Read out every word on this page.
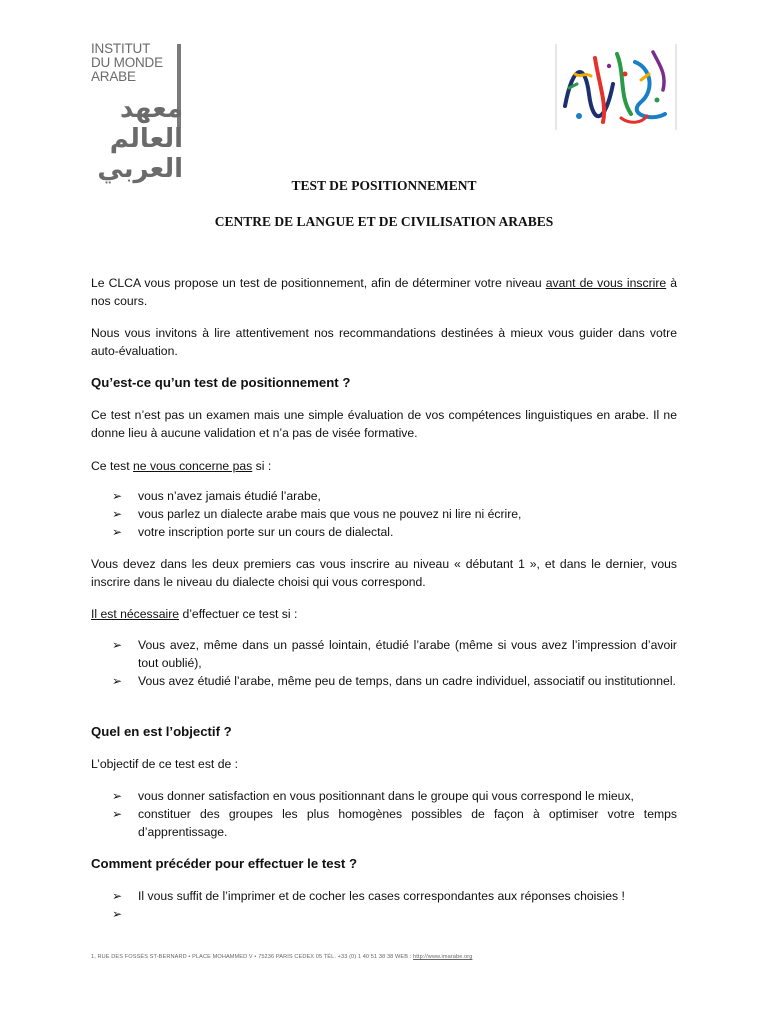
INSTITUT
DU MONDE
ARABE
معهد العالم العربي
TEST DE POSITIONNEMENT
CENTRE DE LANGUE ET DE CIVILISATION ARABES
Le CLCA vous propose un test de positionnement, afin de déterminer votre niveau avant de vous inscrire à nos cours.
Nous vous invitons à lire attentivement nos recommandations destinées à mieux vous guider dans votre auto-évaluation.
Qu’est-ce qu’un test de positionnement ?
Ce test n’est pas un examen mais une simple évaluation de vos compétences linguistiques en arabe. Il ne donne lieu à aucune validation et n’a pas de visée formative.
Ce test ne vous concerne pas si :
➢ vous n’avez jamais étudié l’arabe,
➢ vous parlez un dialecte arabe mais que vous ne pouvez ni lire ni écrire,
➢ votre inscription porte sur un cours de dialectal.
Vous devez dans les deux premiers cas vous inscrire au niveau « débutant 1 », et dans le dernier, vous inscrire dans le niveau du dialecte choisi qui vous correspond.
Il est nécessaire d’effectuer ce test si :
➢ Vous avez, même dans un passé lointain, étudié l’arabe (même si vous avez l’impression d’avoir tout oublié),
➢ Vous avez étudié l’arabe, même peu de temps, dans un cadre individuel, associatif ou institutionnel.
Quel en est l’objectif ?
L’objectif de ce test est de :
➢ vous donner satisfaction en vous positionnant dans le groupe qui vous correspond le mieux,
➢ constituer des groupes les plus homogènes possibles de façon à optimiser votre temps d’apprentissage.
Comment précéder pour effectuer le test ?
➢ Il vous suffit de l’imprimer et de cocher les cases correspondantes aux réponses choisies !
➢
1, RUE DES FOSSÉS ST-BERNARD • PLACE MOHAMMED V • 75236 PARIS CEDEX 05 TÉL. +33 (0) 1 40 51 38 38 WEB : http://www.imarabe.org
